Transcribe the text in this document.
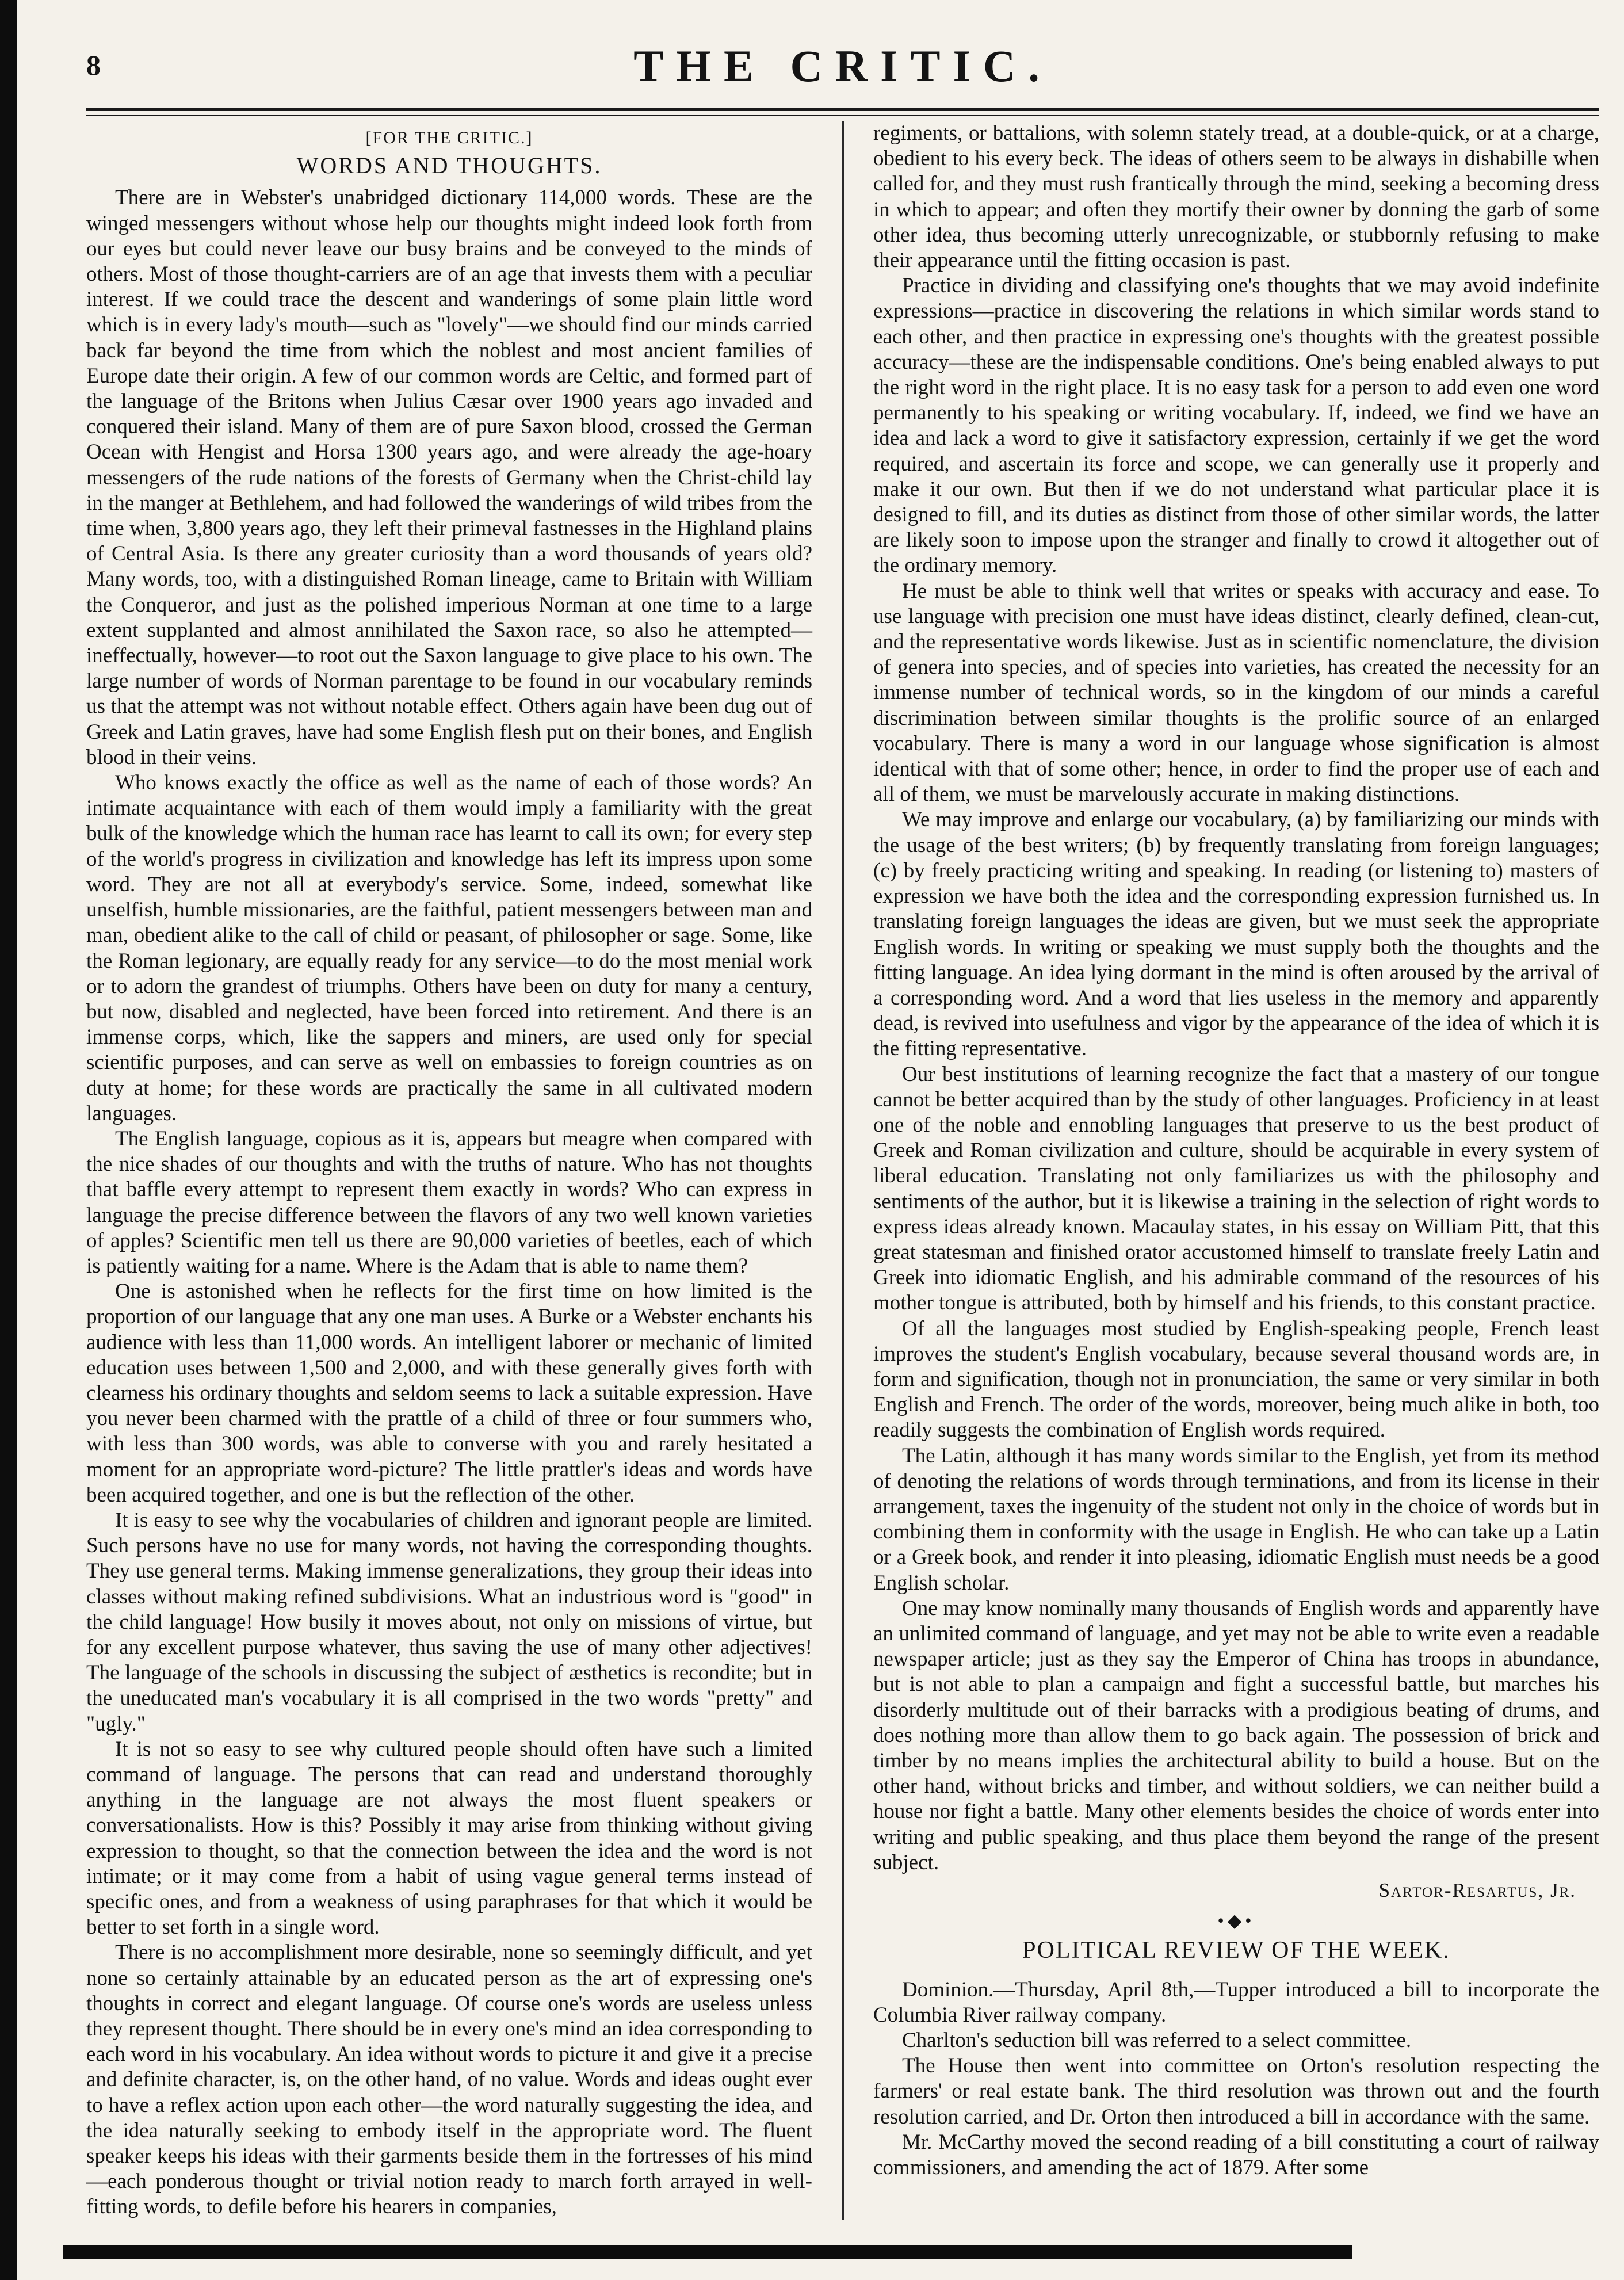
8	THE CRITIC.
[FOR THE CRITIC.]
WORDS AND THOUGHTS.

There are in Webster's unabridged dictionary 114,000 words. These are the winged messengers without whose help our thoughts might indeed look forth from our eyes but could never leave our busy brains and be conveyed to the minds of others. Most of those thought-carriers are of an age that invests them with a peculiar interest. If we could trace the descent and wanderings of some plain little word which is in every lady's mouth—such as "lovely"—we should find our minds carried back far beyond the time from which the noblest and most ancient families of Europe date their origin. A few of our common words are Celtic, and formed part of the language of the Britons when Julius Cæsar over 1900 years ago invaded and conquered their island. Many of them are of pure Saxon blood, crossed the German Ocean with Hengist and Horsa 1300 years ago, and were already the age-hoary messengers of the rude nations of the forests of Germany when the Christ-child lay in the manger at Bethlehem, and had followed the wanderings of wild tribes from the time when, 3,800 years ago, they left their primeval fastnesses in the Highland plains of Central Asia. Is there any greater curiosity than a word thousands of years old? Many words, too, with a distinguished Roman lineage, came to Britain with William the Conqueror, and just as the polished imperious Norman at one time to a large extent supplanted and almost annihilated the Saxon race, so also he attempted—ineffectually, however—to root out the Saxon language to give place to his own. The large number of words of Norman parentage to be found in our vocabulary reminds us that the attempt was not without notable effect. Others again have been dug out of Greek and Latin graves, have had some English flesh put on their bones, and English blood in their veins.

Who knows exactly the office as well as the name of each of those words? An intimate acquaintance with each of them would imply a familiarity with the great bulk of the knowledge which the human race has learnt to call its own; for every step of the world's progress in civilization and knowledge has left its impress upon some word. They are not all at everybody's service. Some, indeed, somewhat like unselfish, humble missionaries, are the faithful, patient messengers between man and man, obedient alike to the call of child or peasant, of philosopher or sage. Some, like the Roman legionary, are equally ready for any service—to do the most menial work or to adorn the grandest of triumphs. Others have been on duty for many a century, but now, disabled and neglected, have been forced into retirement. And there is an immense corps, which, like the sappers and miners, are used only for special scientific purposes, and can serve as well on embassies to foreign countries as on duty at home; for these words are practically the same in all cultivated modern languages.

The English language, copious as it is, appears but meagre when compared with the nice shades of our thoughts and with the truths of nature. Who has not thoughts that baffle every attempt to represent them exactly in words? Who can express in language the precise difference between the flavors of any two well known varieties of apples? Scientific men tell us there are 90,000 varieties of beetles, each of which is patiently waiting for a name. Where is the Adam that is able to name them?

One is astonished when he reflects for the first time on how limited is the proportion of our language that any one man uses. A Burke or a Webster enchants his audience with less than 11,000 words. An intelligent laborer or mechanic of limited education uses between 1,500 and 2,000, and with these generally gives forth with clearness his ordinary thoughts and seldom seems to lack a suitable expression. Have you never been charmed with the prattle of a child of three or four summers who, with less than 300 words, was able to converse with you and rarely hesitated a moment for an appropriate word-picture? The little prattler's ideas and words have been acquired together, and one is but the reflection of the other.

It is easy to see why the vocabularies of children and ignorant people are limited. Such persons have no use for many words, not having the corresponding thoughts. They use general terms. Making immense generalizations, they group their ideas into classes without making refined subdivisions. What an industrious word is "good" in the child language! How busily it moves about, not only on missions of virtue, but for any excellent purpose whatever, thus saving the use of many other adjectives! The language of the schools in discussing the subject of æsthetics is recondite; but in the uneducated man's vocabulary it is all comprised in the two words "pretty" and "ugly."

It is not so easy to see why cultured people should often have such a limited command of language. The persons that can read and understand thoroughly anything in the language are not always the most fluent speakers or conversationalists. How is this? Possibly it may arise from thinking without giving expression to thought, so that the connection between the idea and the word is not intimate; or it may come from a habit of using vague general terms instead of specific ones, and from a weakness of using paraphrases for that which it would be better to set forth in a single word.

There is no accomplishment more desirable, none so seemingly difficult, and yet none so certainly attainable by an educated person as the art of expressing one's thoughts in correct and elegant language. Of course one's words are useless unless they represent thought. There should be in every one's mind an idea corresponding to each word in his vocabulary. An idea without words to picture it and give it a precise and definite character, is, on the other hand, of no value. Words and ideas ought ever to have a reflex action upon each other—the word naturally suggesting the idea, and the idea naturally seeking to embody itself in the appropriate word. The fluent speaker keeps his ideas with their garments beside them in the fortresses of his mind—each ponderous thought or trivial notion ready to march forth arrayed in well-fitting words, to defile before his hearers in companies,

regiments, or battalions, with solemn stately tread, at a double-quick, or at a charge, obedient to his every beck. The ideas of others seem to be always in dishabille when called for, and they must rush frantically through the mind, seeking a becoming dress in which to appear; and often they mortify their owner by donning the garb of some other idea, thus becoming utterly unrecognizable, or stubbornly refusing to make their appearance until the fitting occasion is past.

Practice in dividing and classifying one's thoughts that we may avoid indefinite expressions—practice in discovering the relations in which similar words stand to each other, and then practice in expressing one's thoughts with the greatest possible accuracy—these are the indispensable conditions. One's being enabled always to put the right word in the right place. It is no easy task for a person to add even one word permanently to his speaking or writing vocabulary. If, indeed, we find we have an idea and lack a word to give it satisfactory expression, certainly if we get the word required, and ascertain its force and scope, we can generally use it properly and make it our own. But then if we do not understand what particular place it is designed to fill, and its duties as distinct from those of other similar words, the latter are likely soon to impose upon the stranger and finally to crowd it altogether out of the ordinary memory.

He must be able to think well that writes or speaks with accuracy and ease. To use language with precision one must have ideas distinct, clearly defined, clean-cut, and the representative words likewise. Just as in scientific nomenclature, the division of genera into species, and of species into varieties, has created the necessity for an immense number of technical words, so in the kingdom of our minds a careful discrimination between similar thoughts is the prolific source of an enlarged vocabulary. There is many a word in our language whose signification is almost identical with that of some other; hence, in order to find the proper use of each and all of them, we must be marvelously accurate in making distinctions.

We may improve and enlarge our vocabulary, (a) by familiarizing our minds with the usage of the best writers; (b) by frequently translating from foreign languages; (c) by freely practicing writing and speaking. In reading (or listening to) masters of expression we have both the idea and the corresponding expression furnished us. In translating foreign languages the ideas are given, but we must seek the appropriate English words. In writing or speaking we must supply both the thoughts and the fitting language. An idea lying dormant in the mind is often aroused by the arrival of a corresponding word. And a word that lies useless in the memory and apparently dead, is revived into usefulness and vigor by the appearance of the idea of which it is the fitting representative.

Our best institutions of learning recognize the fact that a mastery of our tongue cannot be better acquired than by the study of other languages. Proficiency in at least one of the noble and ennobling languages that preserve to us the best product of Greek and Roman civilization and culture, should be acquirable in every system of liberal education. Translating not only familiarizes us with the philosophy and sentiments of the author, but it is likewise a training in the selection of right words to express ideas already known. Macaulay states, in his essay on William Pitt, that this great statesman and finished orator accustomed himself to translate freely Latin and Greek into idiomatic English, and his admirable command of the resources of his mother tongue is attributed, both by himself and his friends, to this constant practice.

Of all the languages most studied by English-speaking people, French least improves the student's English vocabulary, because several thousand words are, in form and signification, though not in pronunciation, the same or very similar in both English and French. The order of the words, moreover, being much alike in both, too readily suggests the combination of English words required.

The Latin, although it has many words similar to the English, yet from its method of denoting the relations of words through terminations, and from its license in their arrangement, taxes the ingenuity of the student not only in the choice of words but in combining them in conformity with the usage in English. He who can take up a Latin or a Greek book, and render it into pleasing, idiomatic English must needs be a good English scholar.

One may know nominally many thousands of English words and apparently have an unlimited command of language, and yet may not be able to write even a readable newspaper article; just as they say the Emperor of China has troops in abundance, but is not able to plan a campaign and fight a successful battle, but marches his disorderly multitude out of their barracks with a prodigious beating of drums, and does nothing more than allow them to go back again. The possession of brick and timber by no means implies the architectural ability to build a house. But on the other hand, without bricks and timber, and without soldiers, we can neither build a house nor fight a battle. Many other elements besides the choice of words enter into writing and public speaking, and thus place them beyond the range of the present subject.

Sartor-Resartus, Jr.
•◆•
POLITICAL REVIEW OF THE WEEK.

Dominion.—Thursday, April 8th,—Tupper introduced a bill to incorporate the Columbia River railway company.

Charlton's seduction bill was referred to a select committee.

The House then went into committee on Orton's resolution respecting the farmers' or real estate bank. The third resolution was thrown out and the fourth resolution carried, and Dr. Orton then introduced a bill in accordance with the same.

Mr. McCarthy moved the second reading of a bill constituting a court of railway commissioners, and amending the act of 1879. After some
